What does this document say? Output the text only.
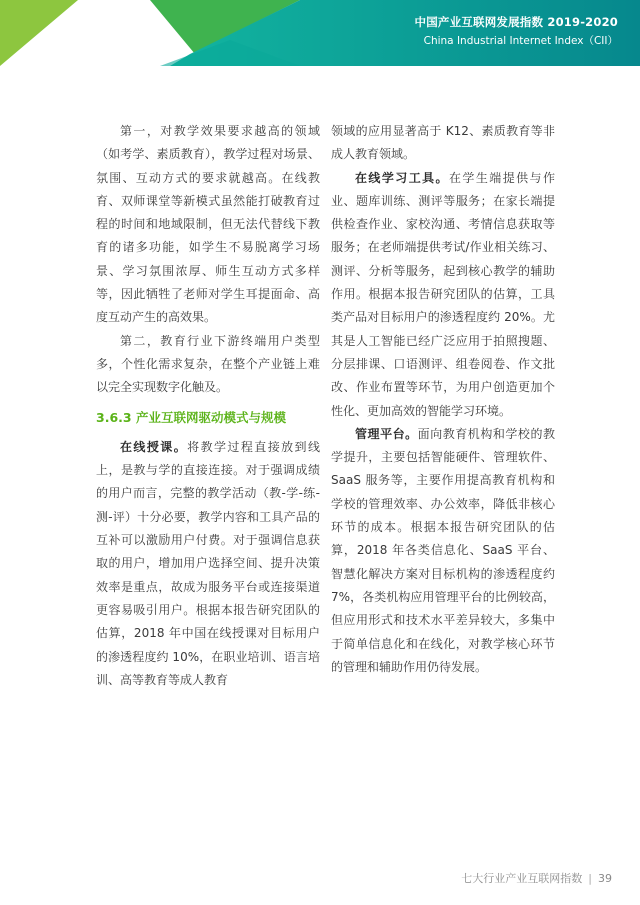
中国产业互联网发展指数 2019-2020
China Industrial Internet Index（CII）

第一，对教学效果要求越高的领域（如考学、素质教育），教学过程对场景、氛围、互动方式的要求就越高。在线教育、双师课堂等新模式虽然能打破教育过程的时间和地域限制，但无法代替线下教育的诸多功能，如学生不易脱离学习场景、学习氛围浓厚、师生互动方式多样等，因此牺牲了老师对学生耳提面命、高度互动产生的高效果。

第二，教育行业下游终端用户类型多，个性化需求复杂，在整个产业链上难以完全实现数字化触及。

3.6.3 产业互联网驱动模式与规模

在线授课。将教学过程直接放到线上，是教与学的直接连接。对于强调成绩的用户而言，完整的教学活动（教-学-练-测-评）十分必要，教学内容和工具产品的互补可以激励用户付费。对于强调信息获取的用户，增加用户选择空间、提升决策效率是重点，故成为服务平台或连接渠道更容易吸引用户。根据本报告研究团队的估算，2018 年中国在线授课对目标用户的渗透程度约 10%，在职业培训、语言培训、高等教育等成人教育

领域的应用显著高于 K12、素质教育等非成人教育领域。

在线学习工具。在学生端提供与作业、题库训练、测评等服务；在家长端提供检查作业、家校沟通、考情信息获取等服务；在老师端提供考试/作业相关练习、测评、分析等服务，起到核心教学的辅助作用。根据本报告研究团队的估算，工具类产品对目标用户的渗透程度约 20%。尤其是人工智能已经广泛应用于拍照搜题、分层排课、口语测评、组卷阅卷、作文批改、作业布置等环节，为用户创造更加个性化、更加高效的智能学习环境。

管理平台。面向教育机构和学校的教学提升，主要包括智能硬件、管理软件、SaaS 服务等，主要作用提高教育机构和学校的管理效率、办公效率，降低非核心环节的成本。根据本报告研究团队的估算，2018 年各类信息化、SaaS 平台、智慧化解决方案对目标机构的渗透程度约 7%，各类机构应用管理平台的比例较高，但应用形式和技术水平差异较大，多集中于简单信息化和在线化，对教学核心环节的管理和辅助作用仍待发展。

七大行业产业互联网指数 | 39
